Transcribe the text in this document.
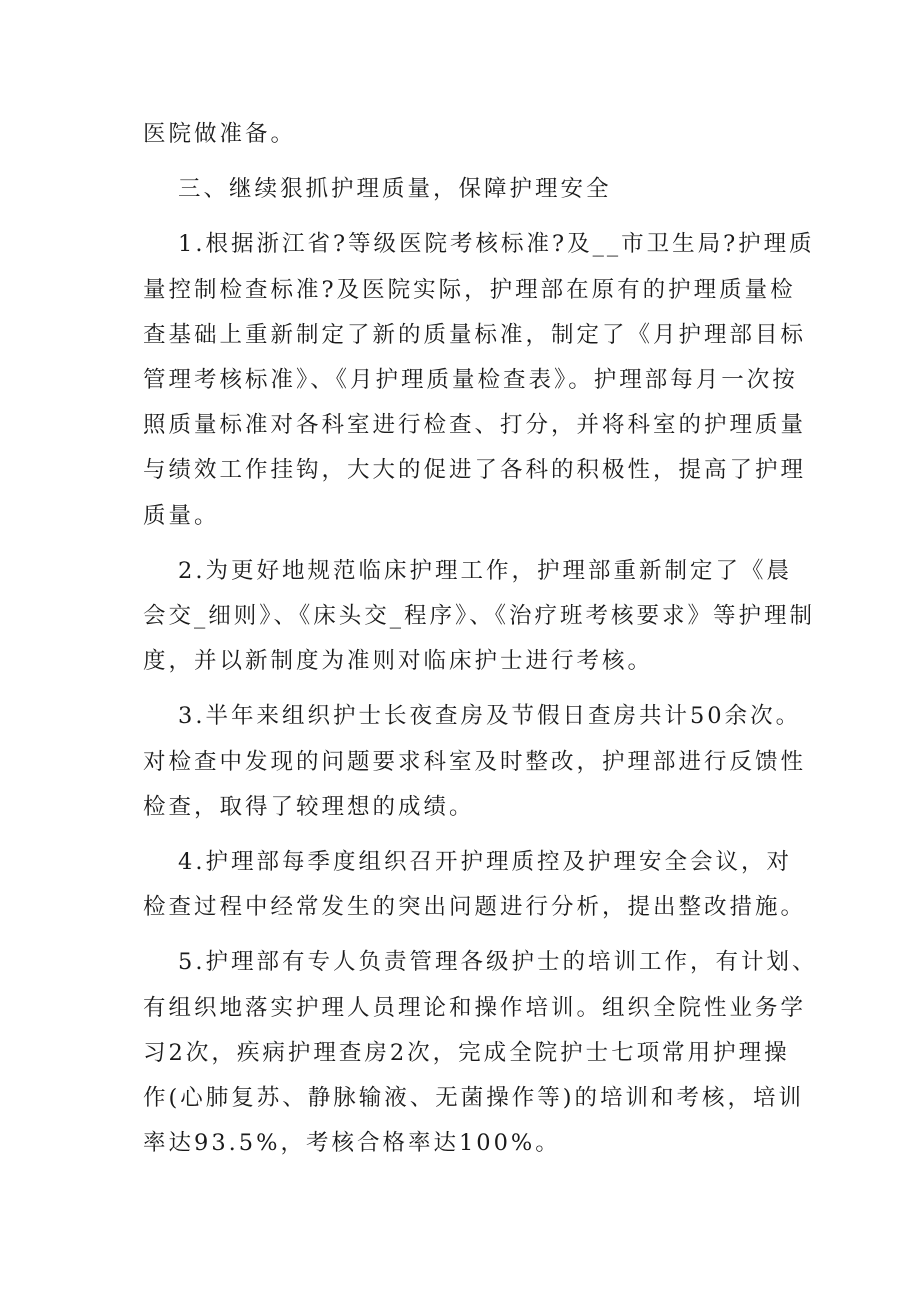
医院做准备。

三、继续狠抓护理质量，保障护理安全

1.根据浙江省?等级医院考核标准?及__市卫生局?护理质
量控制检查标准?及医院实际，护理部在原有的护理质量检
查基础上重新制定了新的质量标准，制定了《月护理部目标
管理考核标准》、《月护理质量检查表》。护理部每月一次按
照质量标准对各科室进行检查、打分，并将科室的护理质量
与绩效工作挂钩，大大的促进了各科的积极性，提高了护理
质量。

2.为更好地规范临床护理工作，护理部重新制定了《晨
会交_细则》、《床头交_程序》、《治疗班考核要求》等护理制
度，并以新制度为准则对临床护士进行考核。

3.半年来组织护士长夜查房及节假日查房共计50余次。
对检查中发现的问题要求科室及时整改，护理部进行反馈性
检查，取得了较理想的成绩。

4.护理部每季度组织召开护理质控及护理安全会议，对
检查过程中经常发生的突出问题进行分析，提出整改措施。

5.护理部有专人负责管理各级护士的培训工作，有计划、
有组织地落实护理人员理论和操作培训。组织全院性业务学
习2次，疾病护理查房2次，完成全院护士七项常用护理操
作(心肺复苏、静脉输液、无菌操作等)的培训和考核，培训
率达93.5%，考核合格率达100%。
